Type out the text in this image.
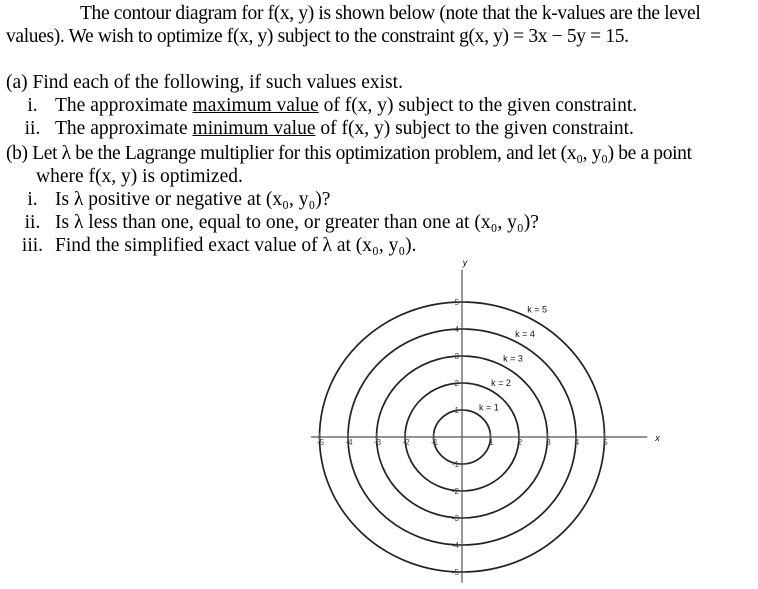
The contour diagram for f(x, y) is shown below (note that the k-values are the level
values). We wish to optimize f(x, y) subject to the constraint g(x, y) = 3x − 5y = 15.
(a) Find each of the following, if such values exist.
i. The approximate maximum value of f(x, y) subject to the given constraint.
ii. The approximate minimum value of f(x, y) subject to the given constraint.
(b) Let λ be the Lagrange multiplier for this optimization problem, and let (x₀, y₀) be a point
where f(x, y) is optimized.
i. Is λ positive or negative at (x₀, y₀)?
ii. Is λ less than one, equal to one, or greater than one at (x₀, y₀)?
iii. Find the simplified exact value of λ at (x₀, y₀).
x
y
-5	-4	-3	-2	-1	1	2	3	4	5
5
4
3
2
1
-1
-2
-3
-4
-5
k = 1
k = 2
k = 3
k = 4
k = 5
